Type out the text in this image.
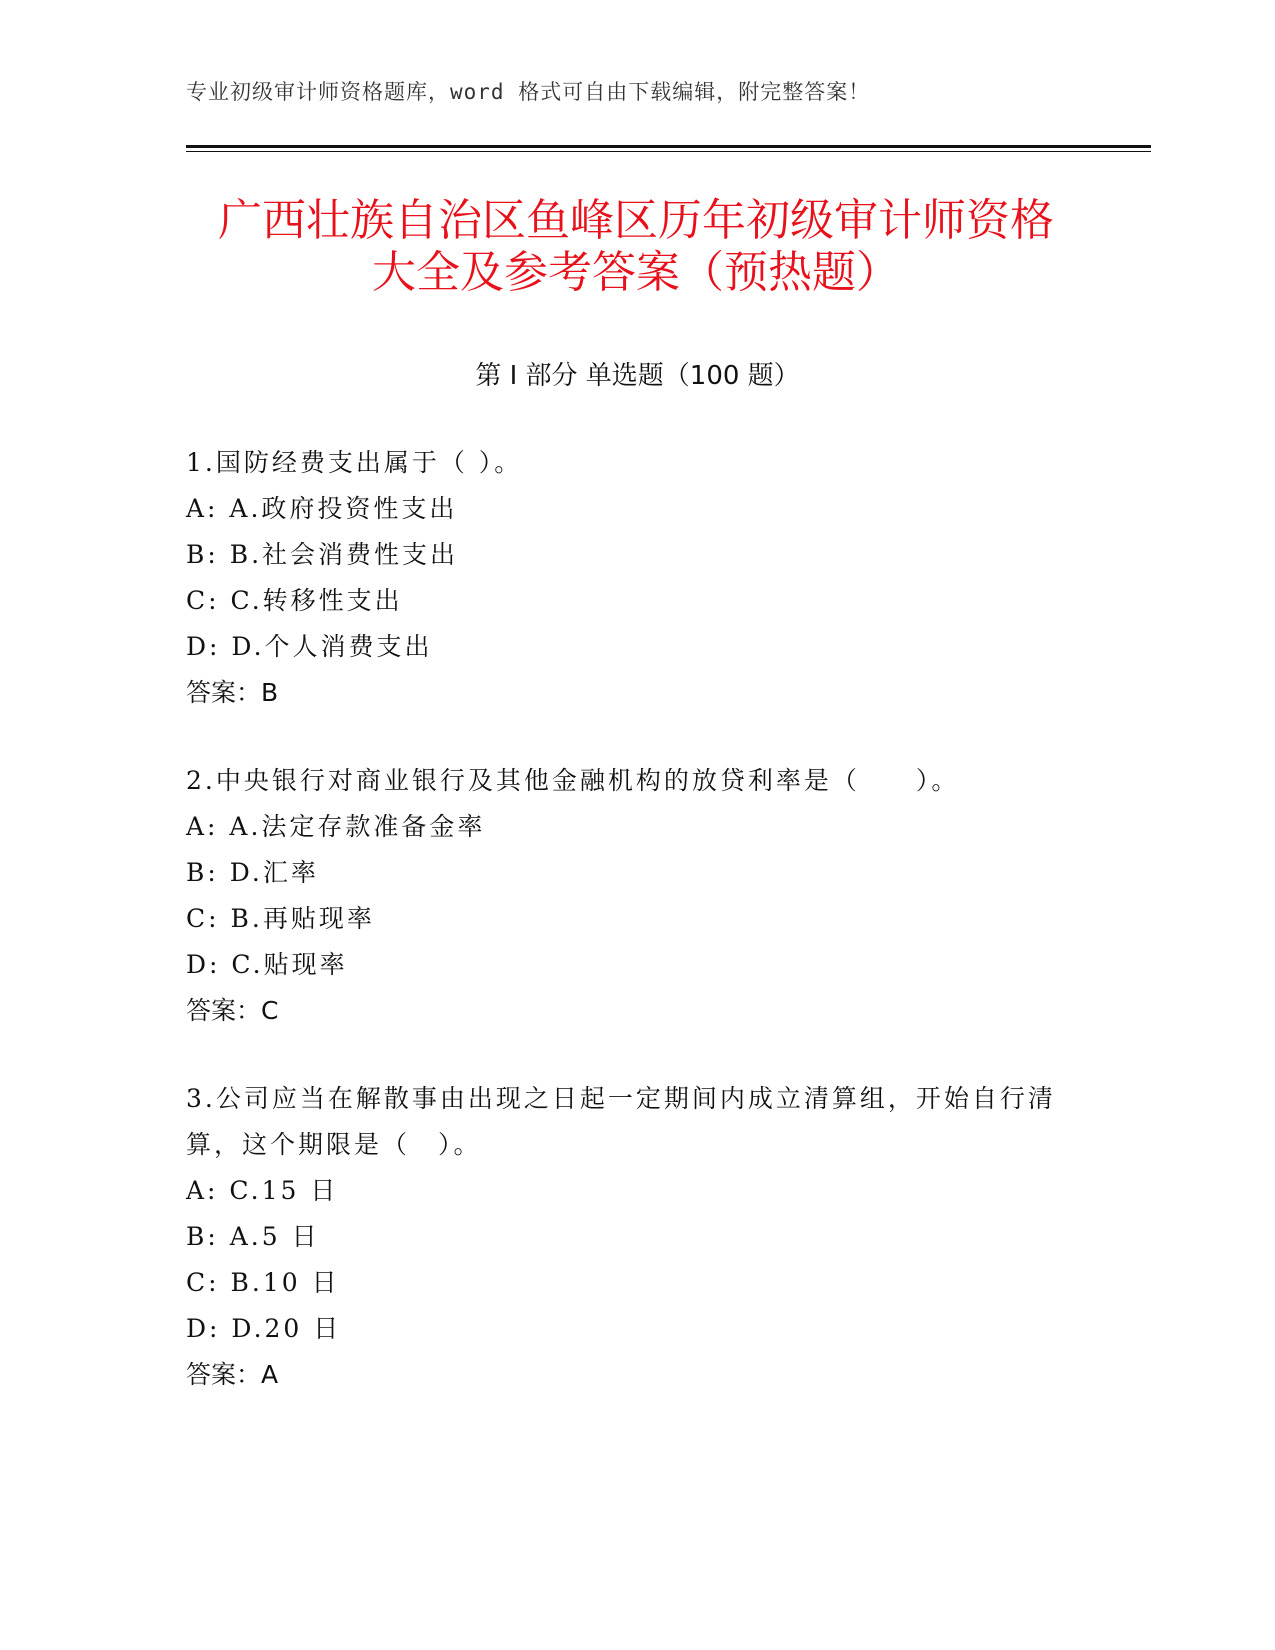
专业初级审计师资格题库，word 格式可自由下载编辑，附完整答案！
广西壮族自治区鱼峰区历年初级审计师资格
大全及参考答案（预热题）
第 I 部分 单选题（100 题）

1.国防经费支出属于（ ）。

A: A.政府投资性支出

B: B.社会消费性支出

C: C.转移性支出

D: D.个人消费支出

答案：B

2.中央银行对商业银行及其他金融机构的放贷利率是（　　）。

A: A.法定存款准备金率

B: D.汇率

C: B.再贴现率

D: C.贴现率

答案：C

3.公司应当在解散事由出现之日起一定期间内成立清算组，开始自行清算，这个期限是（　）。

A: C.15 日

B: A.5 日

C: B.10 日

D: D.20 日

答案：A
